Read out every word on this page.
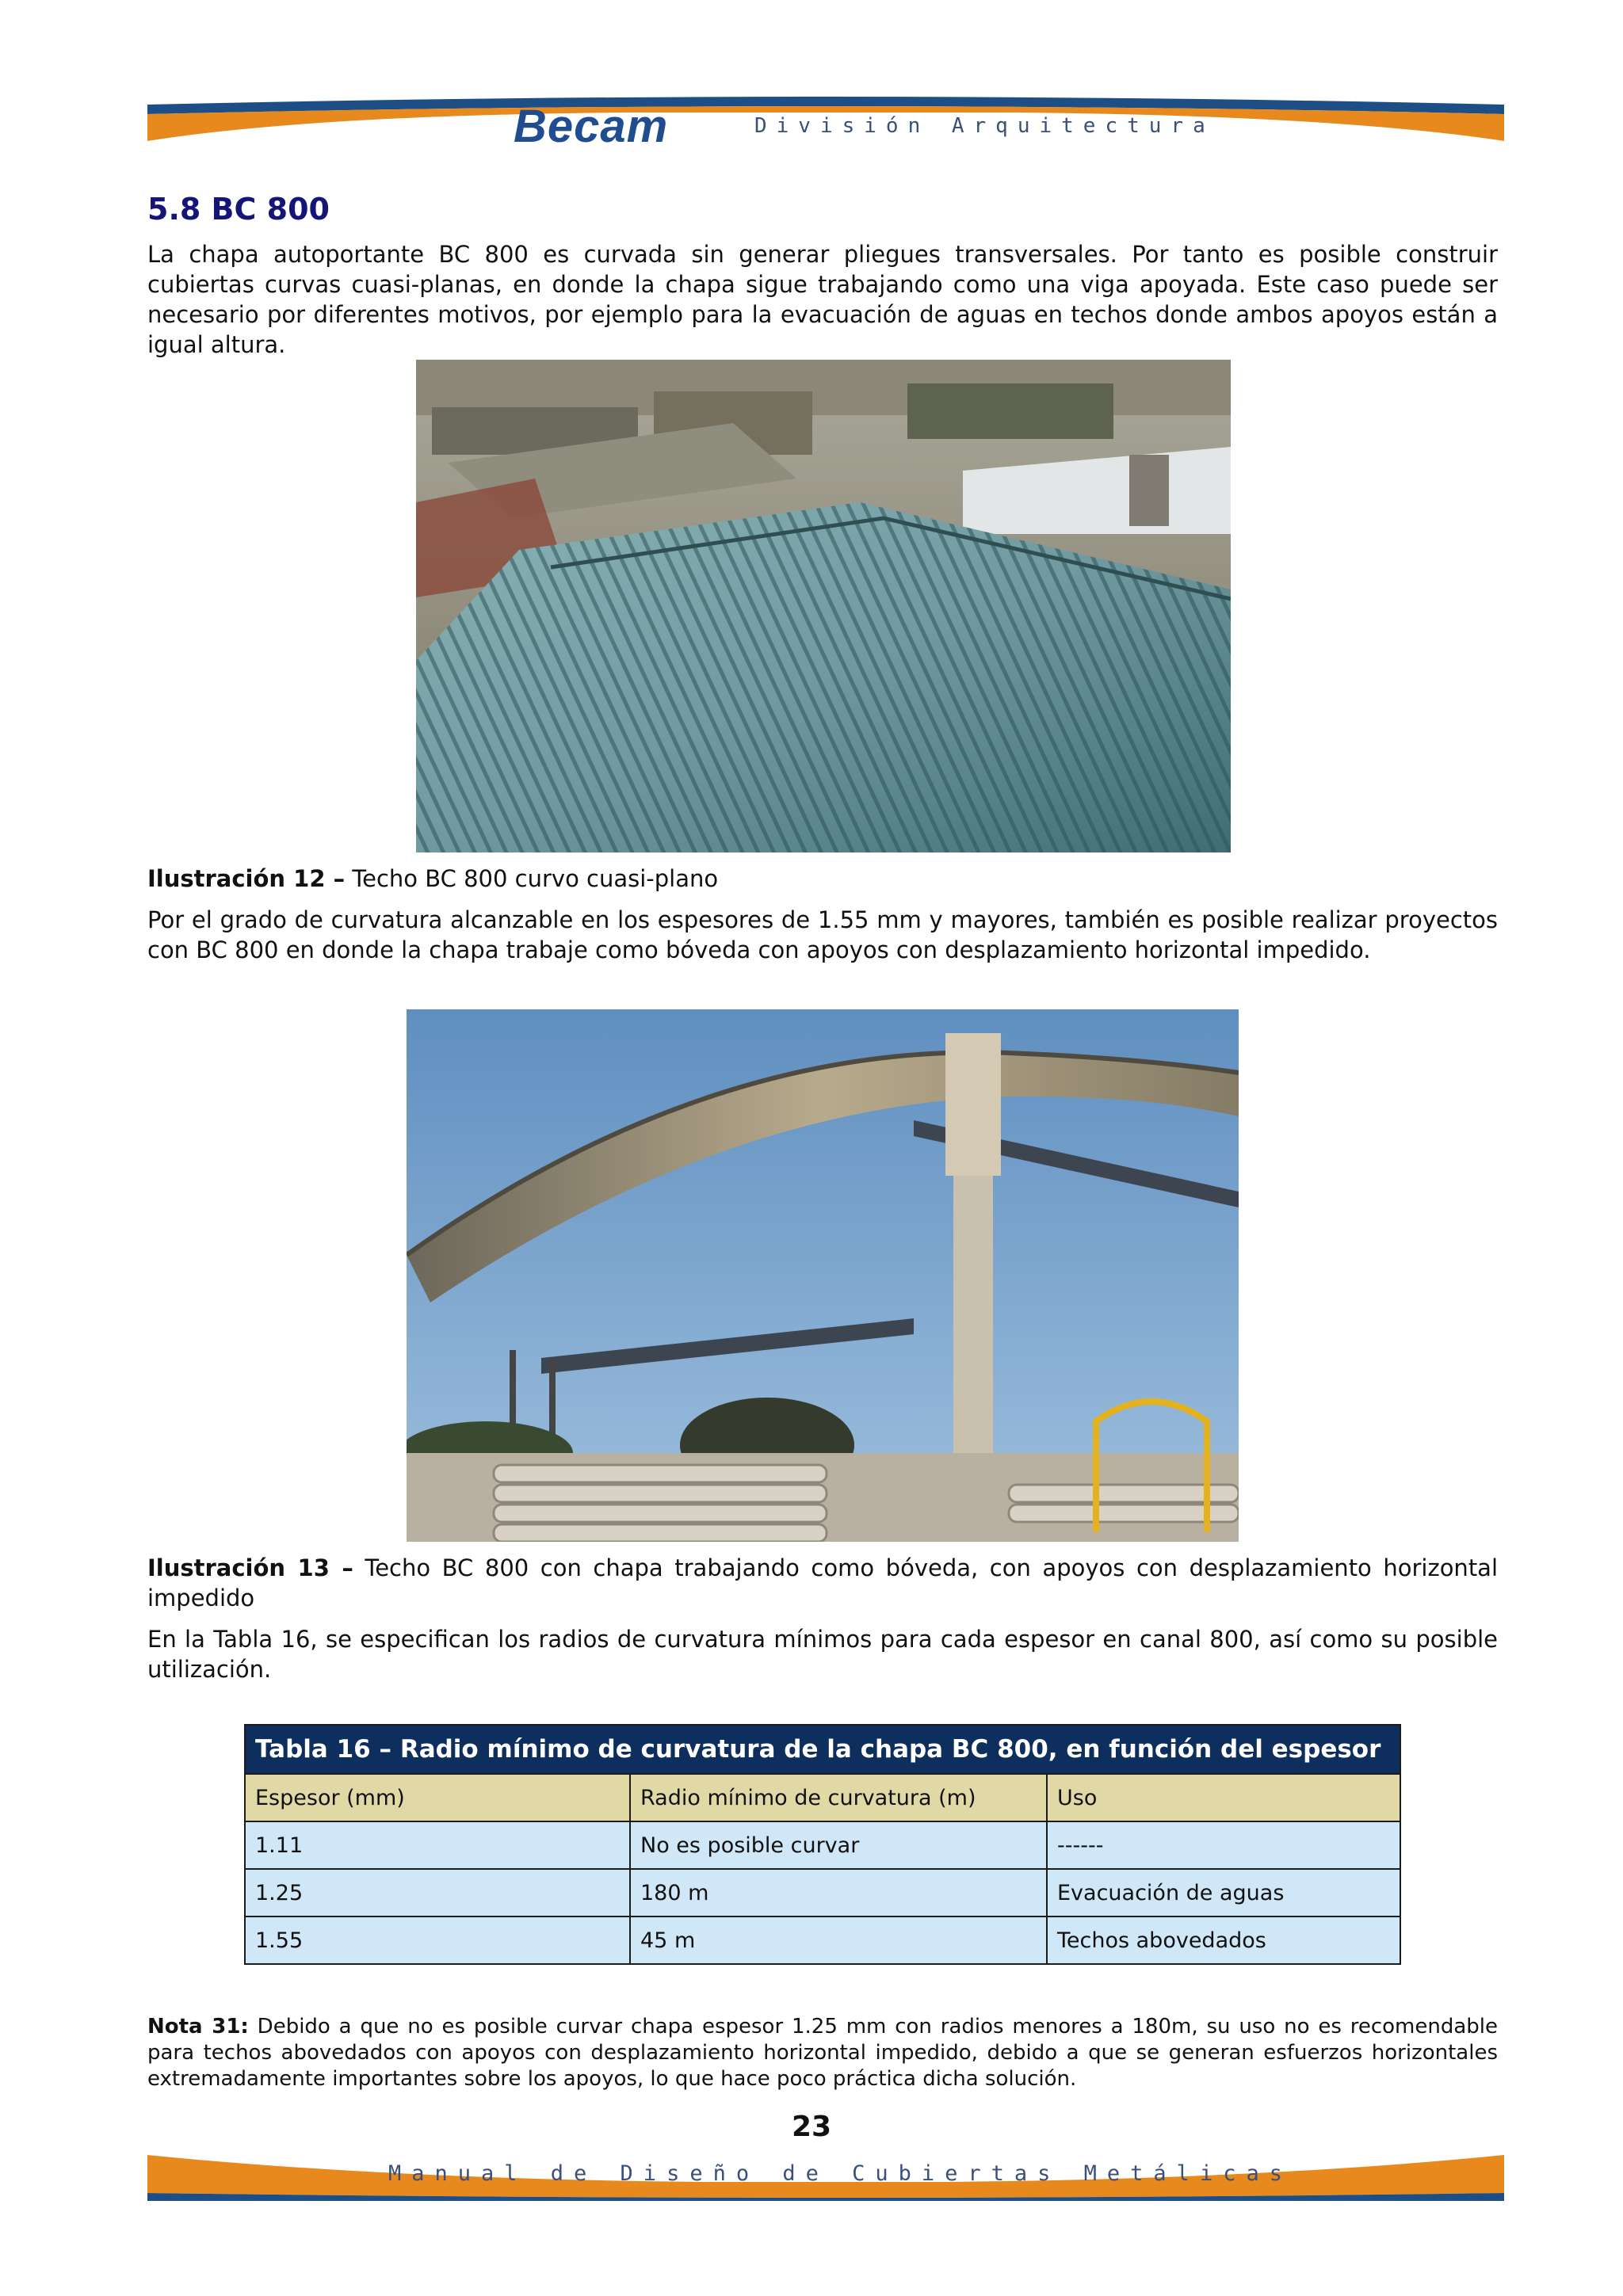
Becam	División Arquitectura
5.8 BC 800

La chapa autoportante BC 800 es curvada sin generar pliegues transversales. Por tanto es posible construir cubiertas curvas cuasi-planas, en donde la chapa sigue trabajando como una viga apoyada. Este caso puede ser necesario por diferentes motivos, por ejemplo para la evacuación de aguas en techos donde ambos apoyos están a igual altura.

Ilustración 12 – Techo BC 800 curvo cuasi-plano

Por el grado de curvatura alcanzable en los espesores de 1.55 mm y mayores, también es posible realizar proyectos con BC 800 en donde la chapa trabaje como bóveda con apoyos con desplazamiento horizontal impedido.

Ilustración 13 – Techo BC 800 con chapa trabajando como bóveda, con apoyos con desplazamiento horizontal impedido

En la Tabla 16, se especifican los radios de curvatura mínimos para cada espesor en canal 800, así como su posible utilización.

Tabla 16 – Radio mínimo de curvatura de la chapa BC 800, en función del espesor		
Espesor (mm)	Radio mínimo de curvatura (m)	Uso
1.11	No es posible curvar	------
1.25	180 m	Evacuación de aguas
1.55	45 m	Techos abovedados

Nota 31: Debido a que no es posible curvar chapa espesor 1.25 mm con radios menores a 180m, su uso no es recomendable para techos abovedados con apoyos con desplazamiento horizontal impedido, debido a que se generan esfuerzos horizontales extremadamente importantes sobre los apoyos, lo que hace poco práctica dicha solución.

23
Manual de Diseño de Cubiertas Metálicas
